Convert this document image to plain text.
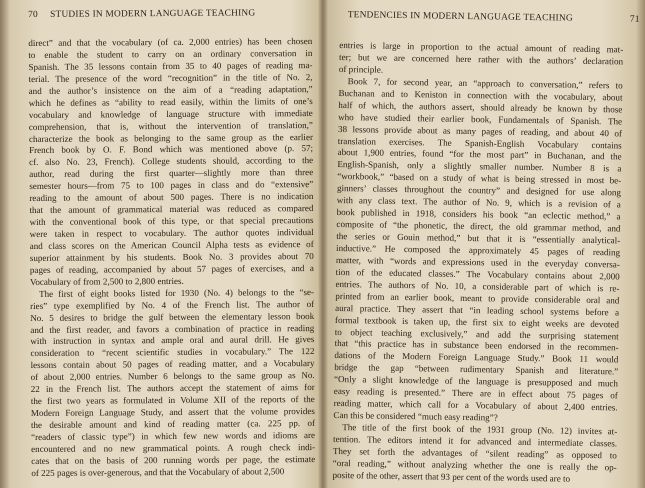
70 STUDIES IN MODERN LANGUAGE TEACHING
direct” and that the vocabulary (of ca. 2,000 entries) has been chosen
to enable the student to carry on an ordinary conversation in
Spanish. The 35 lessons contain from 35 to 40 pages of reading ma-
terial. The presence of the word “recognition” in the title of No. 2,
and the author’s insistence on the aim of a “reading adaptation,”
which he defines as “ability to read easily, within the limits of one’s
vocabulary and knowledge of language structure with immediate
comprehension, that is, without the intervention of translation,”
characterize the book as belonging to the same group as the earlier
French book by O. F. Bond which was mentioned above (p. 57;
cf. also No. 23, French). College students should, according to the
author, read during the first quarter—slightly more than three
semester hours—from 75 to 100 pages in class and do “extensive”
reading to the amount of about 500 pages. There is no indication
that the amount of grammatical material was reduced as compared
with the conventional book of this type, or that special precautions
were taken in respect to vocabulary. The author quotes individual
and class scores on the American Council Alpha tests as evidence of
superior attainment by his students. Book No. 3 provides about 70
pages of reading, accompanied by about 57 pages of exercises, and a
Vocabulary of from 2,500 to 2,800 entries.
The first of eight books listed for 1930 (No. 4) belongs to the “se-
ries” type exemplified by No. 4 of the French list. The author of
No. 5 desires to bridge the gulf between the elementary lesson book
and the first reader, and favors a combination of practice in reading
with instruction in syntax and ample oral and aural drill. He gives
consideration to “recent scientific studies in vocabulary.” The 122
lessons contain about 50 pages of reading matter, and a Vocabulary
of about 2,000 entries. Number 6 belongs to the same group as No.
22 in the French list. The authors accept the statement of aims for
the first two years as formulated in Volume XII of the reports of the
Modern Foreign Language Study, and assert that the volume provides
the desirable amount and kind of reading matter (ca. 225 pp. of
“readers of classic type”) in which few new words and idioms are
encountered and no new grammatical points. A rough check indi-
cates that on the basis of 200 running words per page, the estimate
of 225 pages is over-generous, and that the Vocabulary of about 2,500
TENDENCIES IN MODERN LANGUAGE TEACHING	71
entries is large in proportion to the actual amount of reading mat-
ter; but we are concerned here rather with the authors’ declaration
of principle.
Book 7, for second year, an “approach to conversation,” refers to
Buchanan and to Keniston in connection with the vocabulary, about
half of which, the authors assert, should already be known by those
who have studied their earlier book, Fundamentals of Spanish. The
38 lessons provide about as many pages of reading, and about 40 of
translation exercises. The Spanish-English Vocabulary contains
about 1,900 entries, found “for the most part” in Buchanan, and the
English-Spanish, only a slightly smaller number. Number 8 is a
“workbook,” “based on a study of what is being stressed in most be-
ginners’ classes throughout the country” and designed for use along
with any class text. The author of No. 9, which is a revision of a
book published in 1918, considers his book “an eclectic method,” a
composite of “the phonetic, the direct, the old grammar method, and
the series or Gouin method,” but that it is “essentially analytical-
inductive.” He composed the approximately 45 pages of reading
matter, with “words and expressions used in the everyday conversa-
tion of the educated classes.” The Vocabulary contains about 2,000
entries. The authors of No. 10, a considerable part of which is re-
printed from an earlier book, meant to provide considerable oral and
aural practice. They assert that “in leading school systems before a
formal textbook is taken up, the first six to eight weeks are devoted
to object teaching exclusively,” and add the surprising statement
that “this practice has in substance been endorsed in the recommen-
dations of the Modern Foreign Language Study.” Book 11 would
bridge the gap “between rudimentary Spanish and literature.”
“Only a slight knowledge of the language is presupposed and much
easy reading is presented.” There are in effect about 75 pages of
reading matter, which call for a Vocabulary of about 2,400 entries.
Can this be considered “much easy reading”?
The title of the first book of the 1931 group (No. 12) invites at-
tention. The editors intend it for advanced and intermediate classes.
They set forth the advantages of “silent reading” as opposed to
“oral reading,” without analyzing whether the one is really the op-
posite of the other, assert that 93 per cent of the words used are to
